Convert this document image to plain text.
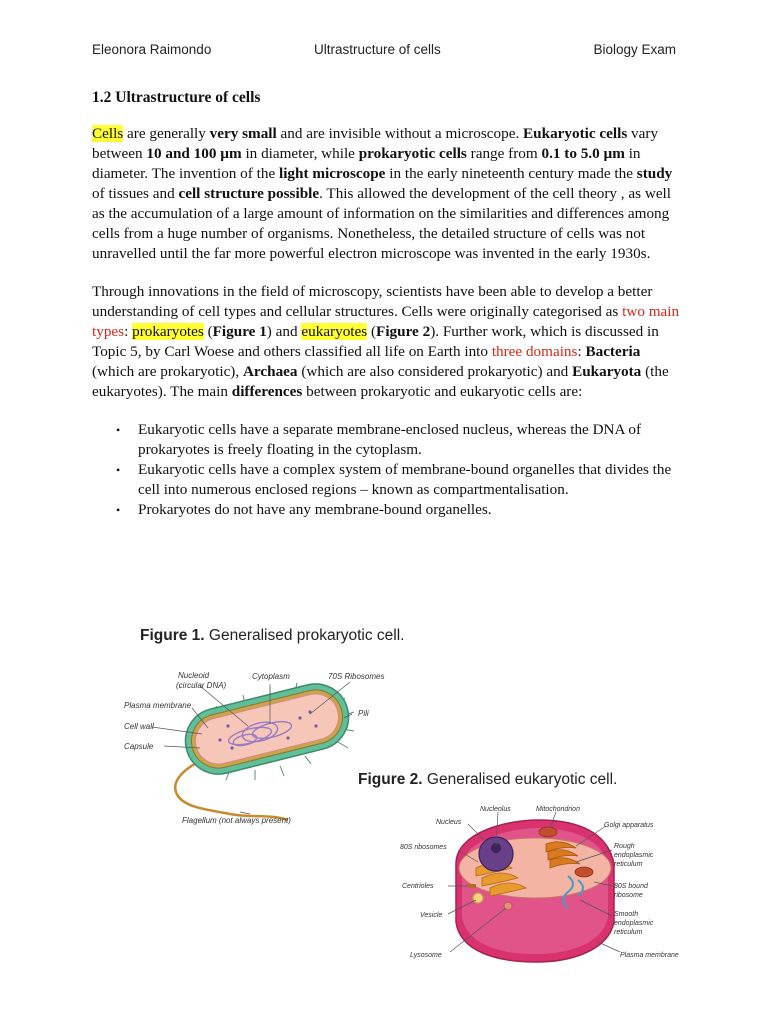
Eleonora Raimondo	Ultrastructure of cells	Biology Exam
1.2 Ultrastructure of cells

Cells are generally very small and are invisible without a microscope. Eukaryotic cells vary between 10 and 100 µm in diameter, while prokaryotic cells range from 0.1 to 5.0 µm in diameter. The invention of the light microscope in the early nineteenth century made the study of tissues and cell structure possible. This allowed the development of the cell theory , as well as the accumulation of a large amount of information on the similarities and differences among cells from a huge number of organisms. Nonetheless, the detailed structure of cells was not unravelled until the far more powerful electron microscope was invented in the early 1930s.

Through innovations in the field of microscopy, scientists have been able to develop a better understanding of cell types and cellular structures. Cells were originally categorised as two main types: prokaryotes (Figure 1) and eukaryotes (Figure 2). Further work, which is discussed in Topic 5, by Carl Woese and others classified all life on Earth into three domains: Bacteria (which are prokaryotic), Archaea (which are also considered prokaryotic) and Eukaryota (the eukaryotes). The main differences between prokaryotic and eukaryotic cells are:

• Eukaryotic cells have a separate membrane-enclosed nucleus, whereas the DNA of prokaryotes is freely floating in the cytoplasm.
• Eukaryotic cells have a complex system of membrane-bound organelles that divides the cell into numerous enclosed regions – known as compartmentalisation.
• Prokaryotes do not have any membrane-bound organelles.
Figure 1. Generalised prokaryotic cell.
Nucleoid
(circular DNA)
Cytoplasm	70S Ribosomes
Plasma membrane
Pili
Cell wall
Capsule
Flagellum (not always present)
Figure 2. Generalised eukaryotic cell.
Nucleolus	Mitochondrion
Nucleus	Golgi apparatus
80S ribosomes	Rough
endoplasmic
reticulum
Centrioles	80S bound
ribosome
Vesicle	Smooth
endoplasmic
reticulum
Lysosome	Plasma membrane
